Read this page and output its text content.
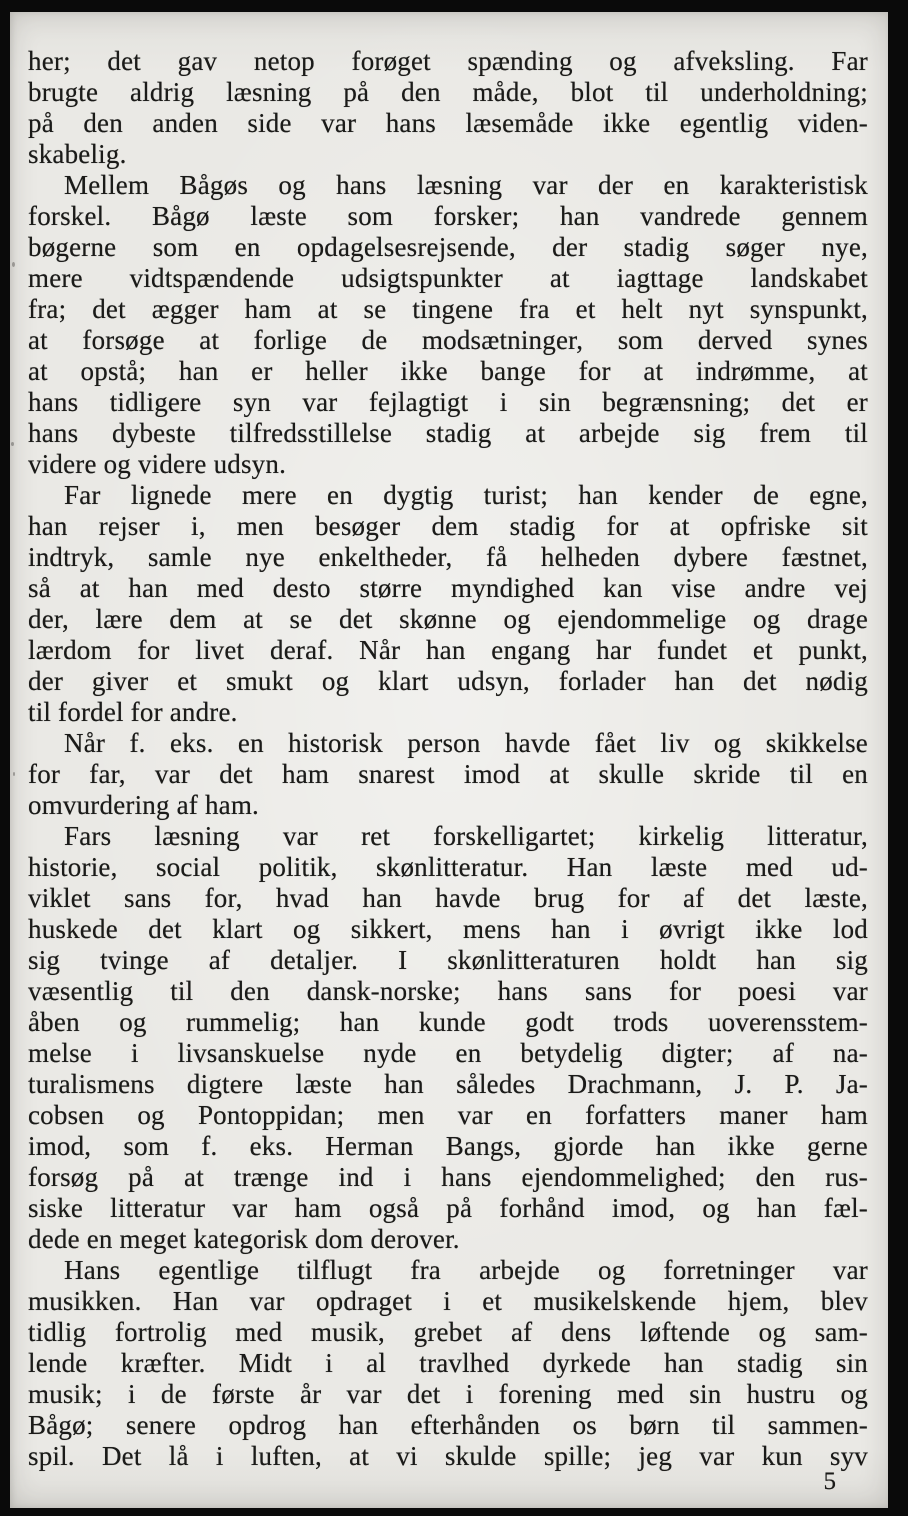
her; det gav netop forøget spænding og afveksling. Far
brugte aldrig læsning på den måde, blot til underholdning;
på den anden side var hans læsemåde ikke egentlig viden-
skabelig.
Mellem Bågøs og hans læsning var der en karakteristisk
forskel. Bågø læste som forsker; han vandrede gennem
bøgerne som en opdagelsesrejsende, der stadig søger nye,
mere vidtspændende udsigtspunkter at iagttage landskabet
fra; det ægger ham at se tingene fra et helt nyt synspunkt,
at forsøge at forlige de modsætninger, som derved synes
at opstå; han er heller ikke bange for at indrømme, at
hans tidligere syn var fejlagtigt i sin begrænsning; det er
hans dybeste tilfredsstillelse stadig at arbejde sig frem til
videre og videre udsyn.
Far lignede mere en dygtig turist; han kender de egne,
han rejser i, men besøger dem stadig for at opfriske sit
indtryk, samle nye enkeltheder, få helheden dybere fæstnet,
så at han med desto større myndighed kan vise andre vej
der, lære dem at se det skønne og ejendommelige og drage
lærdom for livet deraf. Når han engang har fundet et punkt,
der giver et smukt og klart udsyn, forlader han det nødig
til fordel for andre.
Når f. eks. en historisk person havde fået liv og skikkelse
for far, var det ham snarest imod at skulle skride til en
omvurdering af ham.
Fars læsning var ret forskelligartet; kirkelig litteratur,
historie, social politik, skønlitteratur. Han læste med ud-
viklet sans for, hvad han havde brug for af det læste,
huskede det klart og sikkert, mens han i øvrigt ikke lod
sig tvinge af detaljer. I skønlitteraturen holdt han sig
væsentlig til den dansk-norske; hans sans for poesi var
åben og rummelig; han kunde godt trods uoverensstem-
melse i livsanskuelse nyde en betydelig digter; af na-
turalismens digtere læste han således Drachmann, J. P. Ja-
cobsen og Pontoppidan; men var en forfatters maner ham
imod, som f. eks. Herman Bangs, gjorde han ikke gerne
forsøg på at trænge ind i hans ejendommelighed; den rus-
siske litteratur var ham også på forhånd imod, og han fæl-
dede en meget kategorisk dom derover.
Hans egentlige tilflugt fra arbejde og forretninger var
musikken. Han var opdraget i et musikelskende hjem, blev
tidlig fortrolig med musik, grebet af dens løftende og sam-
lende kræfter. Midt i al travlhed dyrkede han stadig sin
musik; i de første år var det i forening med sin hustru og
Bågø; senere opdrog han efterhånden os børn til sammen-
spil. Det lå i luften, at vi skulde spille; jeg var kun syv
5
